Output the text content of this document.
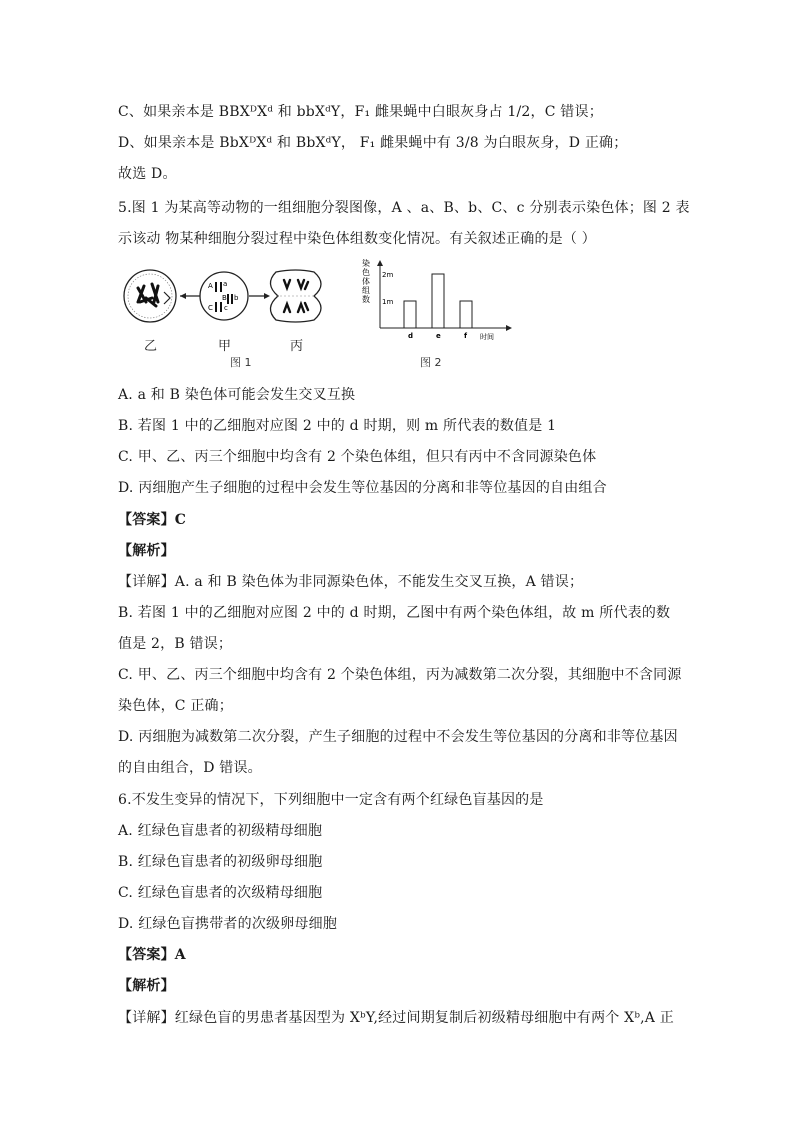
C、如果亲本是 BBXᴰXᵈ 和 bbXᵈY，F₁ 雌果蝇中白眼灰身占 1/2，C 错误；
D、如果亲本是 BbXᴰXᵈ 和 BbXᵈY， F₁ 雌果蝇中有 3/8 为白眼灰身，D 正确；
故选 D。
5.图 1 为某高等动物的一组细胞分裂图像，A 、a、B、b、C、c 分别表示染色体；图 2 表
示该动 物某种细胞分裂过程中染色体组数变化情况。有关叙述正确的是（ ）
A. a 和 B 染色体可能会发生交叉互换
B. 若图 1 中的乙细胞对应图 2 中的 d 时期，则 m 所代表的数值是 1
C. 甲、乙、丙三个细胞中均含有 2 个染色体组，但只有丙中不含同源染色体
D. 丙细胞产生子细胞的过程中会发生等位基因的分离和非等位基因的自由组合
【答案】C
【解析】
【详解】A. a 和 B 染色体为非同源染色体，不能发生交叉互换，A 错误；
B. 若图 1 中的乙细胞对应图 2 中的 d 时期，乙图中有两个染色体组，故 m 所代表的数
值是 2，B 错误；
C. 甲、乙、丙三个细胞中均含有 2 个染色体组，丙为减数第二次分裂，其细胞中不含同源
染色体，C 正确；
D. 丙细胞为减数第二次分裂，产生子细胞的过程中不会发生等位基因的分离和非等位基因
的自由组合，D 错误。
6.不发生变异的情况下，下列细胞中一定含有两个红绿色盲基因的是
A. 红绿色盲患者的初级精母细胞
B. 红绿色盲患者的初级卵母细胞
C. 红绿色盲患者的次级精母细胞
D. 红绿色盲携带者的次级卵母细胞
【答案】A
【解析】
【详解】红绿色盲的男患者基因型为 XᵇY,经过间期复制后初级精母细胞中有两个 Xᵇ,A 正
A a
B b
C c
乙	甲	丙
图 1
2m
1m
染色体组数
d	e	f 时间
图 2
